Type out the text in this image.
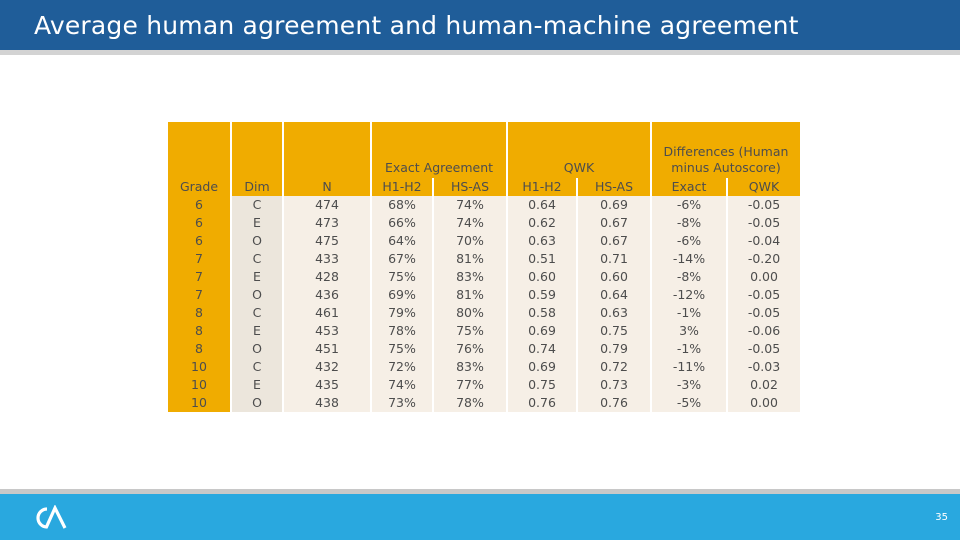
Average human agreement and human-machine agreement
			Exact Agreement		QWK		Differences (Human
minus Autoscore)	
Grade	Dim	N	H1-H2	HS-AS	H1-H2	HS-AS	Exact	QWK
6	C	474	68%	74%	0.64	0.69	-6%	-0.05
6	E	473	66%	74%	0.62	0.67	-8%	-0.05
6	O	475	64%	70%	0.63	0.67	-6%	-0.04
7	C	433	67%	81%	0.51	0.71	-14%	-0.20
7	E	428	75%	83%	0.60	0.60	-8%	0.00
7	O	436	69%	81%	0.59	0.64	-12%	-0.05
8	C	461	79%	80%	0.58	0.63	-1%	-0.05
8	E	453	78%	75%	0.69	0.75	3%	-0.06
8	O	451	75%	76%	0.74	0.79	-1%	-0.05
10	C	432	72%	83%	0.69	0.72	-11%	-0.03
10	E	435	74%	77%	0.75	0.73	-3%	0.02
10	O	438	73%	78%	0.76	0.76	-5%	0.00
35
